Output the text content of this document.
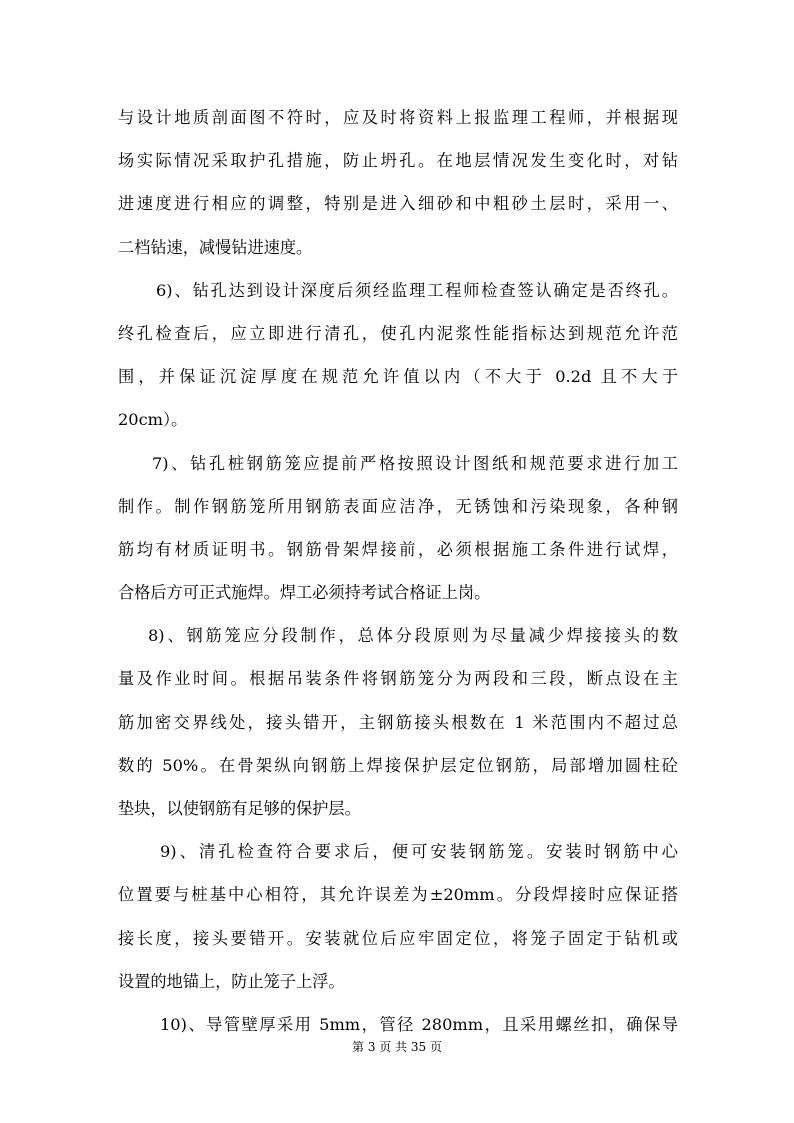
与设计地质剖面图不符时，应及时将资料上报监理工程师，并根据现
场实际情况采取护孔措施，防止坍孔。在地层情况发生变化时，对钻
进速度进行相应的调整，特别是进入细砂和中粗砂土层时，采用一、
二档钻速，减慢钻进速度。
6)、钻孔达到设计深度后须经监理工程师检查签认确定是否终孔。
终孔检查后，应立即进行清孔，使孔内泥浆性能指标达到规范允许范
围，并保证沉淀厚度在规范允许值以内（不大于 0.2d 且不大于
20cm）。
7)、钻孔桩钢筋笼应提前严格按照设计图纸和规范要求进行加工
制作。制作钢筋笼所用钢筋表面应洁净，无锈蚀和污染现象，各种钢
筋均有材质证明书。钢筋骨架焊接前，必须根据施工条件进行试焊，
合格后方可正式施焊。焊工必须持考试合格证上岗。
8)、钢筋笼应分段制作，总体分段原则为尽量减少焊接接头的数
量及作业时间。根据吊装条件将钢筋笼分为两段和三段，断点设在主
筋加密交界线处，接头错开，主钢筋接头根数在 1 米范围内不超过总
数的 50%。在骨架纵向钢筋上焊接保护层定位钢筋，局部增加圆柱砼
垫块，以使钢筋有足够的保护层。
9)、清孔检查符合要求后，便可安装钢筋笼。安装时钢筋中心
位置要与桩基中心相符，其允许误差为±20mm。分段焊接时应保证搭
接长度，接头要错开。安装就位后应牢固定位，将笼子固定于钻机或
设置的地锚上，防止笼子上浮。
10)、导管壁厚采用 5mm，管径 280mm，且采用螺丝扣，确保导
第 3 页 共 35 页
